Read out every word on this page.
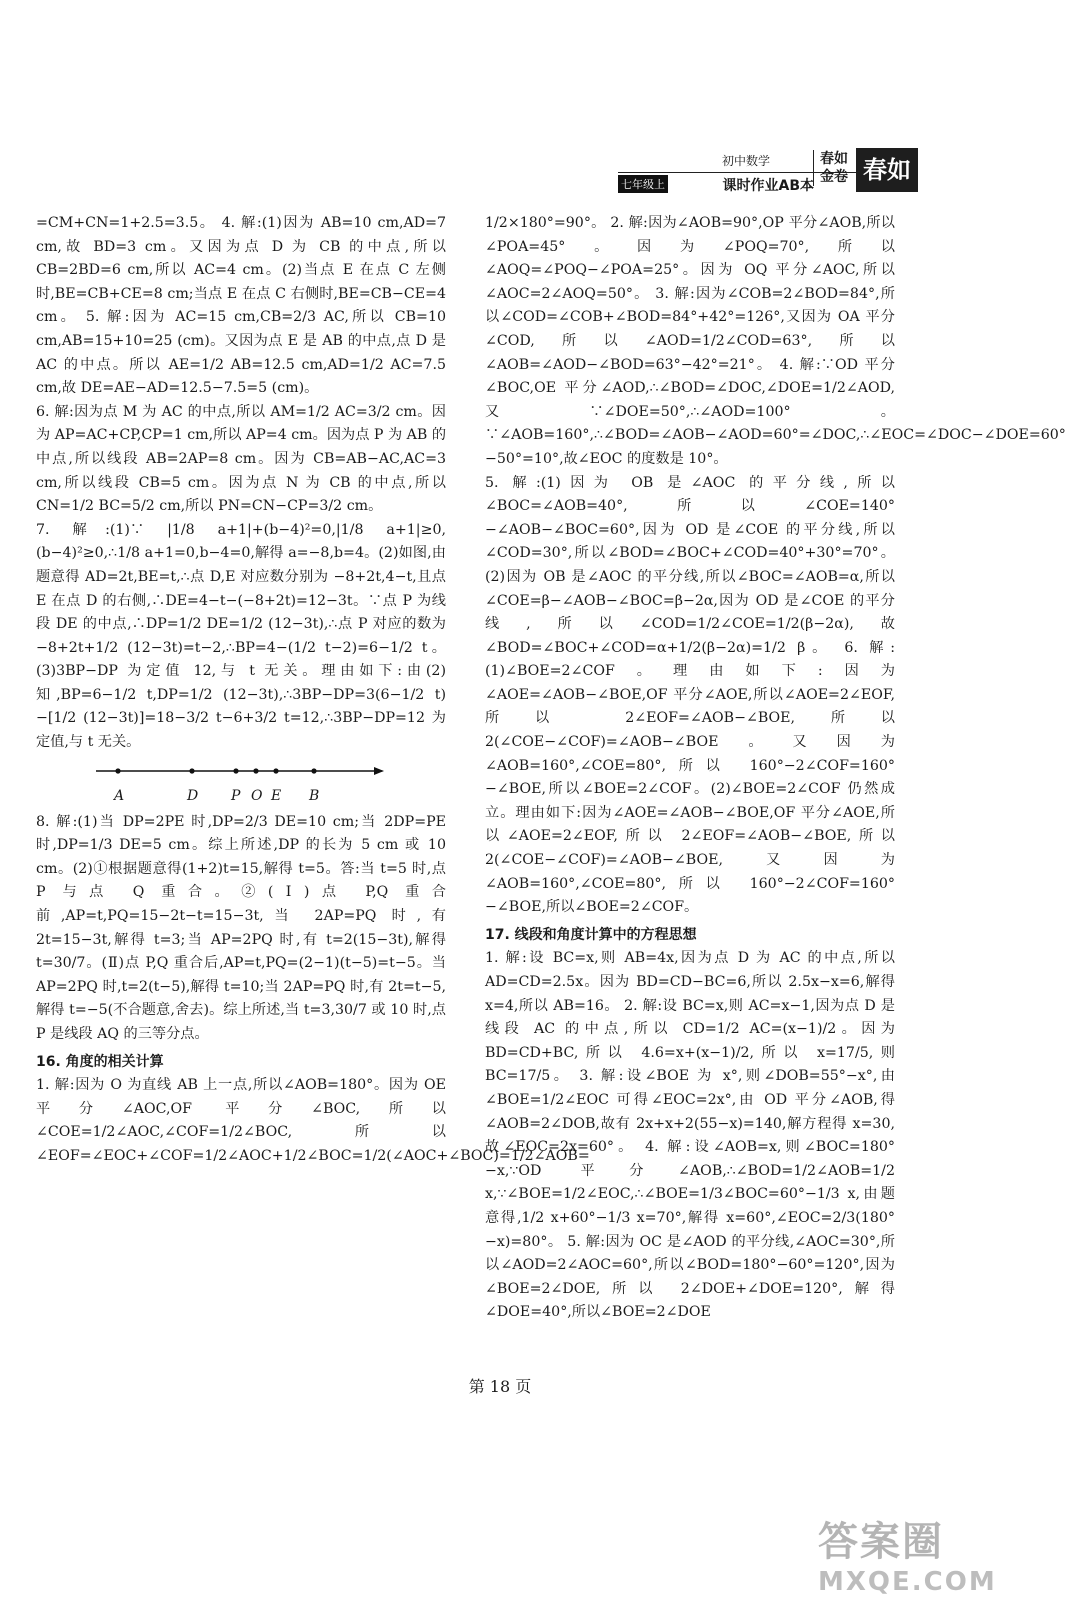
初中数学
七年级上	课时作业AB本
春如
金卷 春如

=CM+CN=1+2.5=3.5。 4. 解:(1)因为 AB=10 cm,AD=7 cm,故 BD=3 cm。又因为点 D 为 CB 的中点,所以 CB=2BD=6 cm,所以 AC=4 cm。(2)当点 E 在点 C 左侧时,BE=CB+CE=8 cm;当点 E 在点 C 右侧时,BE=CB−CE=4 cm。 5. 解:因为 AC=15 cm,CB=2/3 AC,所以 CB=10 cm,AB=15+10=25 (cm)。又因为点 E 是 AB 的中点,点 D 是 AC 的中点。所以 AE=1/2 AB=12.5 cm,AD=1/2 AC=7.5 cm,故 DE=AE−AD=12.5−7.5=5 (cm)。

6. 解:因为点 M 为 AC 的中点,所以 AM=1/2 AC=3/2 cm。因为 AP=AC+CP,CP=1 cm,所以 AP=4 cm。因为点 P 为 AB 的中点,所以线段 AB=2AP=8 cm。因为 CB=AB−AC,AC=3 cm,所以线段 CB=5 cm。因为点 N 为 CB 的中点,所以 CN=1/2 BC=5/2 cm,所以 PN=CN−CP=3/2 cm。

7. 解:(1)∵ |1/8 a+1|+(b−4)²=0,|1/8 a+1|≥0,(b−4)²≥0,∴1/8 a+1=0,b−4=0,解得 a=−8,b=4。(2)如图,由题意得 AD=2t,BE=t,∴点 D,E 对应数分别为 −8+2t,4−t,且点 E 在点 D 的右侧,∴DE=4−t−(−8+2t)=12−3t。∵点 P 为线段 DE 的中点,∴DP=1/2 DE=1/2 (12−3t),∴点 P 对应的数为 −8+2t+1/2 (12−3t)=t−2,∴BP=4−(1/2 t−2)=6−1/2 t。(3)3BP−DP 为定值 12,与 t 无关。理由如下:由(2)知,BP=6−1/2 t,DP=1/2 (12−3t),∴3BP−DP=3(6−1/2 t)−[1/2 (12−3t)]=18−3/2 t−6+3/2 t=12,∴3BP−DP=12 为定值,与 t 无关。

A	D P O E B

8. 解:(1)当 DP=2PE 时,DP=2/3 DE=10 cm;当 2DP=PE 时,DP=1/3 DE=5 cm。综上所述,DP 的长为 5 cm 或 10 cm。(2)①根据题意得(1+2)t=15,解得 t=5。答:当 t=5 时,点 P 与点 Q 重合。②(Ⅰ)点 P,Q 重合前,AP=t,PQ=15−2t−t=15−3t,当 2AP=PQ 时,有 2t=15−3t,解得 t=3;当 AP=2PQ 时,有 t=2(15−3t),解得 t=30/7。(Ⅱ)点 P,Q 重合后,AP=t,PQ=(2−1)(t−5)=t−5。当 AP=2PQ 时,t=2(t−5),解得 t=10;当 2AP=PQ 时,有 2t=t−5,解得 t=−5(不合题意,舍去)。综上所述,当 t=3,30/7 或 10 时,点 P 是线段 AQ 的三等分点。

16. 角度的相关计算

1. 解:因为 O 为直线 AB 上一点,所以∠AOB=180°。因为 OE 平分∠AOC,OF 平分∠BOC,所以∠COE=1/2∠AOC,∠COF=1/2∠BOC,所以∠EOF=∠EOC+∠COF=1/2∠AOC+1/2∠BOC=1/2(∠AOC+∠BOC)=1/2∠AOB=

1/2×180°=90°。 2. 解:因为∠AOB=90°,OP 平分∠AOB,所以∠POA=45°。因为∠POQ=70°,所以∠AOQ=∠POQ−∠POA=25°。因为 OQ 平分∠AOC,所以∠AOC=2∠AOQ=50°。 3. 解:因为∠COB=2∠BOD=84°,所以∠COD=∠COB+∠BOD=84°+42°=126°,又因为 OA 平分∠COD,所以∠AOD=1/2∠COD=63°,所以∠AOB=∠AOD−∠BOD=63°−42°=21°。 4. 解:∵OD 平分∠BOC,OE 平分∠AOD,∴∠BOD=∠DOC,∠DOE=1/2∠AOD,又∵∠DOE=50°,∴∠AOD=100°。∵∠AOB=160°,∴∠BOD=∠AOB−∠AOD=60°=∠DOC,∴∠EOC=∠DOC−∠DOE=60°−50°=10°,故∠EOC 的度数是 10°。

5. 解:(1)因为 OB 是∠AOC 的平分线,所以∠BOC=∠AOB=40°,所以∠COE=140°−∠AOB−∠BOC=60°,因为 OD 是∠COE 的平分线,所以∠COD=30°,所以∠BOD=∠BOC+∠COD=40°+30°=70°。(2)因为 OB 是∠AOC 的平分线,所以∠BOC=∠AOB=α,所以∠COE=β−∠AOB−∠BOC=β−2α,因为 OD 是∠COE 的平分线,所以∠COD=1/2∠COE=1/2(β−2α),故∠BOD=∠BOC+∠COD=α+1/2(β−2α)=1/2 β。 6. 解:(1)∠BOE=2∠COF。理由如下:因为∠AOE=∠AOB−∠BOE,OF 平分∠AOE,所以∠AOE=2∠EOF,所以 2∠EOF=∠AOB−∠BOE,所以 2(∠COE−∠COF)=∠AOB−∠BOE。又因为∠AOB=160°,∠COE=80°,所以 160°−2∠COF=160°−∠BOE,所以∠BOE=2∠COF。(2)∠BOE=2∠COF 仍然成立。理由如下:因为∠AOE=∠AOB−∠BOE,OF 平分∠AOE,所以∠AOE=2∠EOF,所以 2∠EOF=∠AOB−∠BOE,所以 2(∠COE−∠COF)=∠AOB−∠BOE,又因为∠AOB=160°,∠COE=80°,所以 160°−2∠COF=160°−∠BOE,所以∠BOE=2∠COF。

17. 线段和角度计算中的方程思想

1. 解:设 BC=x,则 AB=4x,因为点 D 为 AC 的中点,所以 AD=CD=2.5x。因为 BD=CD−BC=6,所以 2.5x−x=6,解得 x=4,所以 AB=16。 2. 解:设 BC=x,则 AC=x−1,因为点 D 是线段 AC 的中点,所以 CD=1/2 AC=(x−1)/2。因为 BD=CD+BC,所以 4.6=x+(x−1)/2,所以 x=17/5,则 BC=17/5。 3. 解:设∠BOE 为 x°,则∠DOB=55°−x°,由∠BOE=1/2∠EOC 可得∠EOC=2x°,由 OD 平分∠AOB,得∠AOB=2∠DOB,故有 2x+x+2(55−x)=140,解方程得 x=30,故∠EOC=2x=60°。 4. 解:设∠AOB=x,则∠BOC=180°−x,∵OD 平分∠AOB,∴∠BOD=1/2∠AOB=1/2 x,∵∠BOE=1/2∠EOC,∴∠BOE=1/3∠BOC=60°−1/3 x,由题意得,1/2 x+60°−1/3 x=70°,解得 x=60°,∠EOC=2/3(180°−x)=80°。 5. 解:因为 OC 是∠AOD 的平分线,∠AOC=30°,所以∠AOD=2∠AOC=60°,所以∠BOD=180°−60°=120°,因为∠BOE=2∠DOE,所以 2∠DOE+∠DOE=120°,解得∠DOE=40°,所以∠BOE=2∠DOE

第 18 页
答案圈
MXQE.COM
